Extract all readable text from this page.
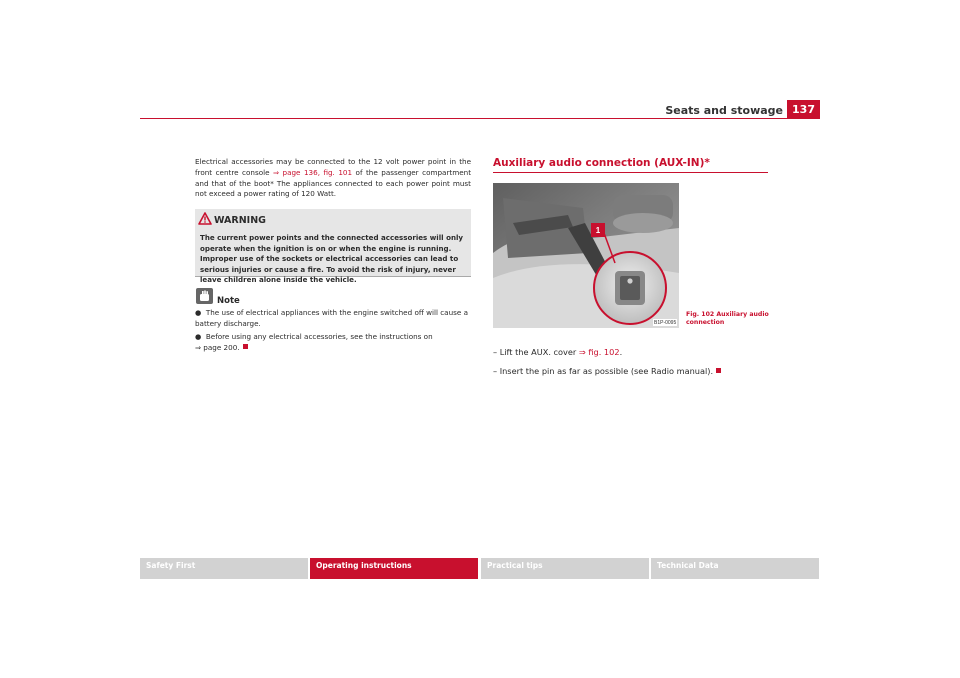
Seats and stowage 137
Electrical accessories may be connected to the 12 volt power point in the front centre console ⇒ page 136, fig. 101 of the passenger compartment and that of the boot* The appliances connected to each power point must not exceed a power rating of 120 Watt.
WARNING
The current power points and the connected accessories will only operate when the ignition is on or when the engine is running. Improper use of the sockets or electrical accessories can lead to serious injuries or cause a fire. To avoid the risk of injury, never leave children alone inside the vehicle.
Note
● The use of electrical appliances with the engine switched off will cause a battery discharge.
● Before using any electrical accessories, see the instructions on
⇒ page 200.
Auxiliary audio connection (AUX-IN)*
1
B1P-0095
Fig. 102 Auxiliary audio connection
– Lift the AUX. cover ⇒ fig. 102.
– Insert the pin as far as possible (see Radio manual).
Safety First	Operating instructions	Practical tips	Technical Data
